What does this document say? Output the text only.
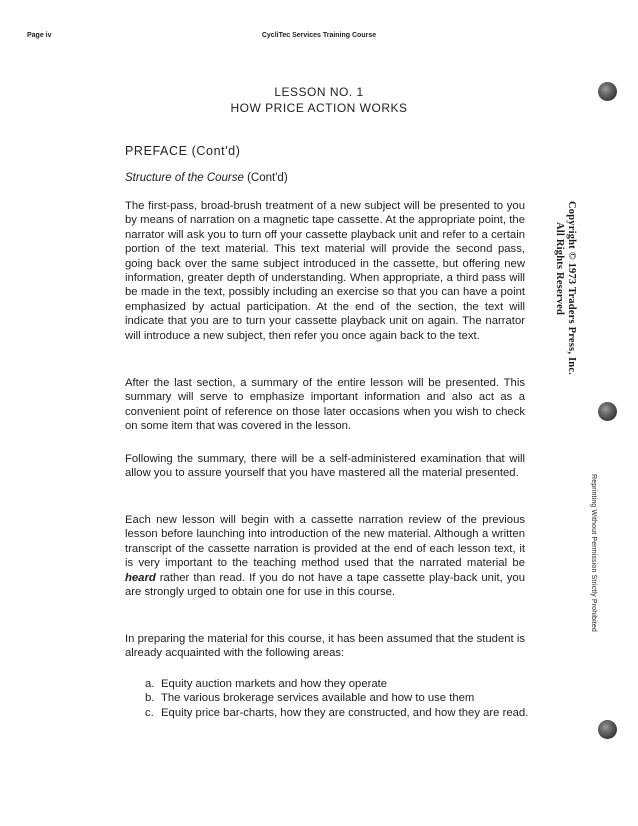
Page iv	CycliTec Services Training Course
LESSON NO. 1
HOW PRICE ACTION WORKS
PREFACE (Cont'd)
Structure of the Course (Cont'd)
The first-pass, broad-brush treatment of a new subject will be presented to you by means of narration on a magnetic tape cassette. At the appropriate point, the narrator will ask you to turn off your cassette playback unit and refer to a certain portion of the text material. This text material will provide the second pass, going back over the same subject introduced in the cassette, but offering new information, greater depth of understanding. When appropriate, a third pass will be made in the text, possibly including an exercise so that you can have a point emphasized by actual participation. At the end of the section, the text will indicate that you are to turn your cassette playback unit on again. The narrator will introduce a new subject, then refer you once again back to the text.
After the last section, a summary of the entire lesson will be presented. This summary will serve to emphasize important information and also act as a convenient point of reference on those later occasions when you wish to check on some item that was covered in the lesson.
Following the summary, there will be a self-administered examination that will allow you to assure yourself that you have mastered all the material presented.
Each new lesson will begin with a cassette narration review of the previous lesson before launching into introduction of the new material. Although a written transcript of the cassette narration is provided at the end of each lesson text, it is very important to the teaching method used that the narrated material be heard rather than read. If you do not have a tape cassette play-back unit, you are strongly urged to obtain one for use in this course.
In preparing the material for this course, it has been assumed that the student is already acquainted with the following areas:
a. Equity auction markets and how they operate
b. The various brokerage services available and how to use them
c. Equity price bar-charts, how they are constructed, and how they are read.
Copyright © 1973 Traders Press, Inc.
All Rights Reserved
Reprinting Without Permission Strictly Prohibited
